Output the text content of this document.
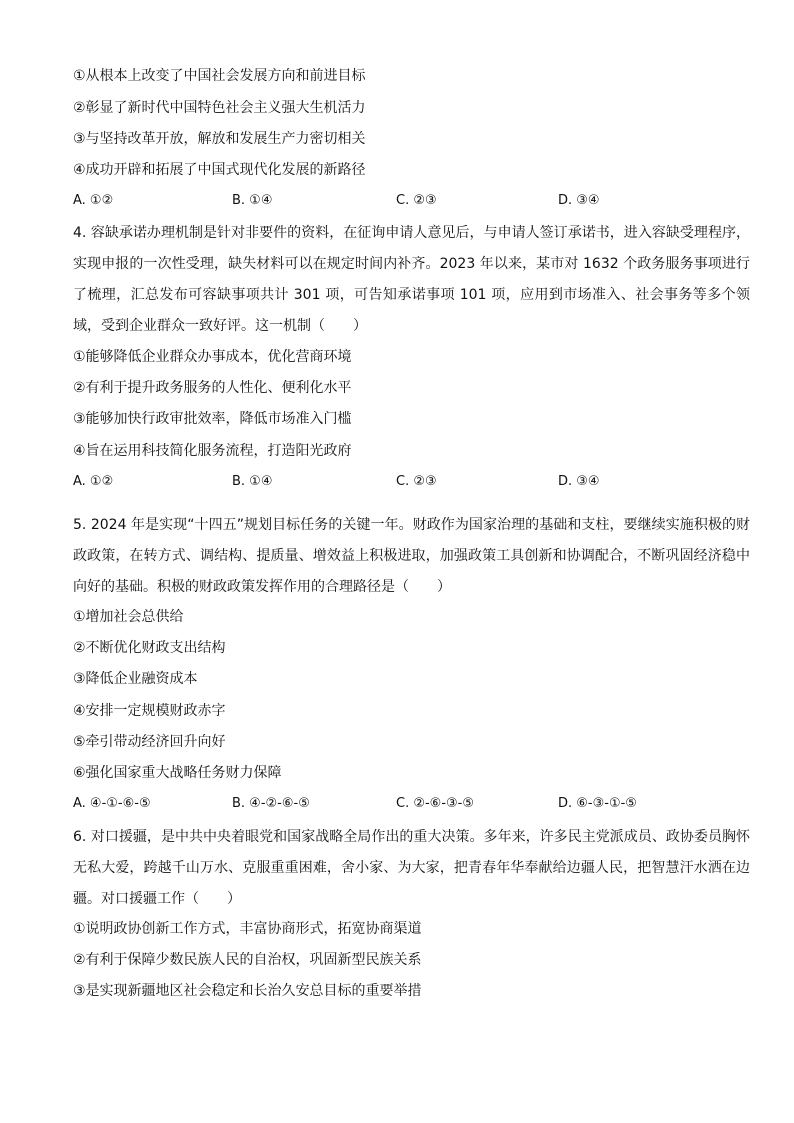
①从根本上改变了中国社会发展方向和前进目标
②彰显了新时代中国特色社会主义强大生机活力
③与坚持改革开放，解放和发展生产力密切相关
④成功开辟和拓展了中国式现代化发展的新路径
A. ①②	B. ①④	C. ②③	D. ③④
4. 容缺承诺办理机制是针对非要件的资料，在征询申请人意见后，与申请人签订承诺书，进入容缺受理程序，实现申报的一次性受理，缺失材料可以在规定时间内补齐。2023 年以来，某市对 1632 个政务服务事项进行了梳理，汇总发布可容缺事项共计 301 项，可告知承诺事项 101 项，应用到市场准入、社会事务等多个领域，受到企业群众一致好评。这一机制（　　）
①能够降低企业群众办事成本，优化营商环境
②有利于提升政务服务的人性化、便利化水平
③能够加快行政审批效率，降低市场准入门槛
④旨在运用科技简化服务流程，打造阳光政府
A. ①②	B. ①④	C. ②③	D. ③④
5. 2024 年是实现“十四五”规划目标任务的关键一年。财政作为国家治理的基础和支柱，要继续实施积极的财政政策，在转方式、调结构、提质量、增效益上积极进取，加强政策工具创新和协调配合，不断巩固经济稳中向好的基础。积极的财政政策发挥作用的合理路径是（　　）
①增加社会总供给
②不断优化财政支出结构
③降低企业融资成本
④安排一定规模财政赤字
⑤牵引带动经济回升向好
⑥强化国家重大战略任务财力保障
A. ④-①-⑥-⑤	B. ④-②-⑥-⑤	C. ②-⑥-③-⑤	D. ⑥-③-①-⑤
6. 对口援疆，是中共中央着眼党和国家战略全局作出的重大决策。多年来，许多民主党派成员、政协委员胸怀无私大爱，跨越千山万水、克服重重困难，舍小家、为大家，把青春年华奉献给边疆人民，把智慧汗水洒在边疆。对口援疆工作（　　）
①说明政协创新工作方式，丰富协商形式，拓宽协商渠道
②有利于保障少数民族人民的自治权，巩固新型民族关系
③是实现新疆地区社会稳定和长治久安总目标的重要举措
